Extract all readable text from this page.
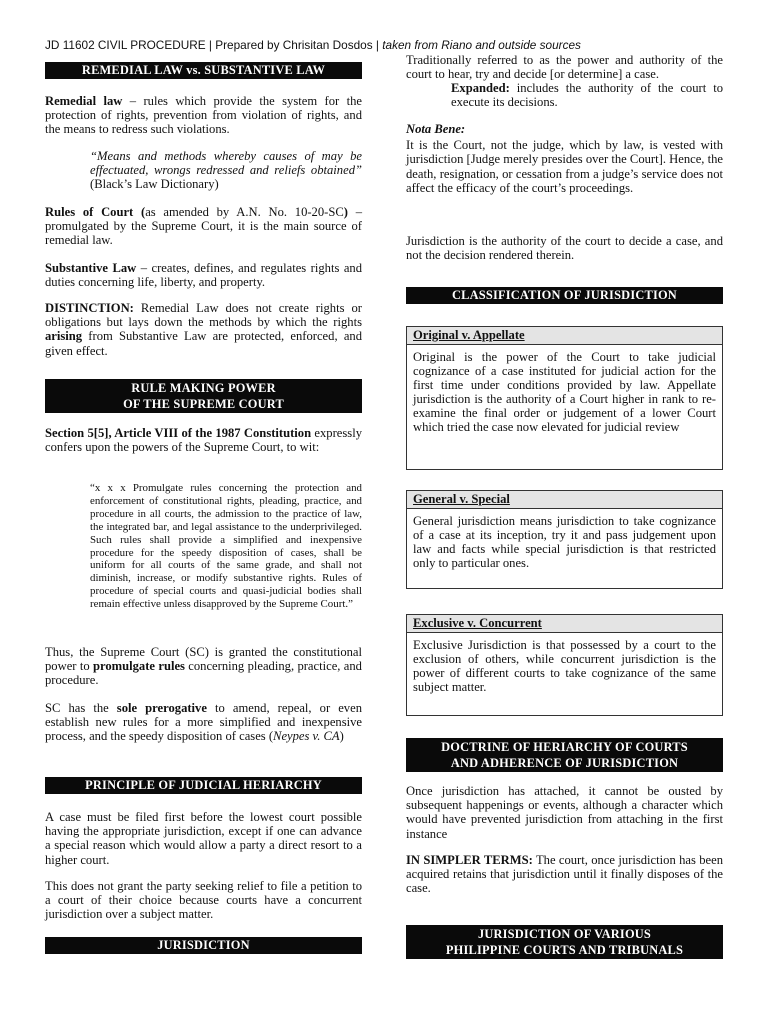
JD 11602 CIVIL PROCEDURE | Prepared by Chrisitan Dosdos | taken from Riano and outside sources
REMEDIAL LAW vs. SUBSTANTIVE LAW
Remedial law – rules which provide the system for the protection of rights, prevention from violation of rights, and the means to redress such violations.
“Means and methods whereby causes of may be effectuated, wrongs redressed and reliefs obtained” (Black’s Law Dictionary)
Rules of Court (as amended by A.N. No. 10-20-SC) – promulgated by the Supreme Court, it is the main source of remedial law.
Substantive Law – creates, defines, and regulates rights and duties concerning life, liberty, and property.
DISTINCTION: Remedial Law does not create rights or obligations but lays down the methods by which the rights arising from Substantive Law are protected, enforced, and given effect.
RULE MAKING POWER
OF THE SUPREME COURT
Section 5[5], Article VIII of the 1987 Constitution expressly confers upon the powers of the Supreme Court, to wit:
“x x x Promulgate rules concerning the protection and enforcement of constitutional rights, pleading, practice, and procedure in all courts, the admission to the practice of law, the integrated bar, and legal assistance to the underprivileged. Such rules shall provide a simplified and inexpensive procedure for the speedy disposition of cases, shall be uniform for all courts of the same grade, and shall not diminish, increase, or modify substantive rights. Rules of procedure of special courts and quasi-judicial bodies shall remain effective unless disapproved by the Supreme Court.”
Thus, the Supreme Court (SC) is granted the constitutional power to promulgate rules concerning pleading, practice, and procedure.
SC has the sole prerogative to amend, repeal, or even establish new rules for a more simplified and inexpensive process, and the speedy disposition of cases (Neypes v. CA)
PRINCIPLE OF JUDICIAL HERIARCHY
A case must be filed first before the lowest court possible having the appropriate jurisdiction, except if one can advance a special reason which would allow a party a direct resort to a higher court.
This does not grant the party seeking relief to file a petition to a court of their choice because courts have a concurrent jurisdiction over a subject matter.
JURISDICTION
Traditionally referred to as the power and authority of the court to hear, try and decide [or determine] a case.
Expanded: includes the authority of the court to execute its decisions.

Nota Bene:

It is the Court, not the judge, which by law, is vested with jurisdiction [Judge merely presides over the Court]. Hence, the death, resignation, or cessation from a judge’s service does not affect the efficacy of the court’s proceedings.

Jurisdiction is the authority of the court to decide a case, and not the decision rendered therein.
CLASSIFICATION OF JURISDICTION
Original v. Appellate
Original is the power of the Court to take judicial cognizance of a case instituted for judicial action for the first time under conditions provided by law. Appellate jurisdiction is the authority of a Court higher in rank to re-examine the final order or judgement of a lower Court which tried the case now elevated for judicial review
General v. Special
General jurisdiction means jurisdiction to take cognizance of a case at its inception, try it and pass judgement upon law and facts while special jurisdiction is that restricted only to particular ones.
Exclusive v. Concurrent
Exclusive Jurisdiction is that possessed by a court to the exclusion of others, while concurrent jurisdiction is the power of different courts to take cognizance of the same subject matter.
DOCTRINE OF HERIARCHY OF COURTS
AND ADHERENCE OF JURISDICTION
Once jurisdiction has attached, it cannot be ousted by subsequent happenings or events, although a character which would have prevented jurisdiction from attaching in the first instance
IN SIMPLER TERMS: The court, once jurisdiction has been acquired retains that jurisdiction until it finally disposes of the case.
JURISDICTION OF VARIOUS
PHILIPPINE COURTS AND TRIBUNALS
